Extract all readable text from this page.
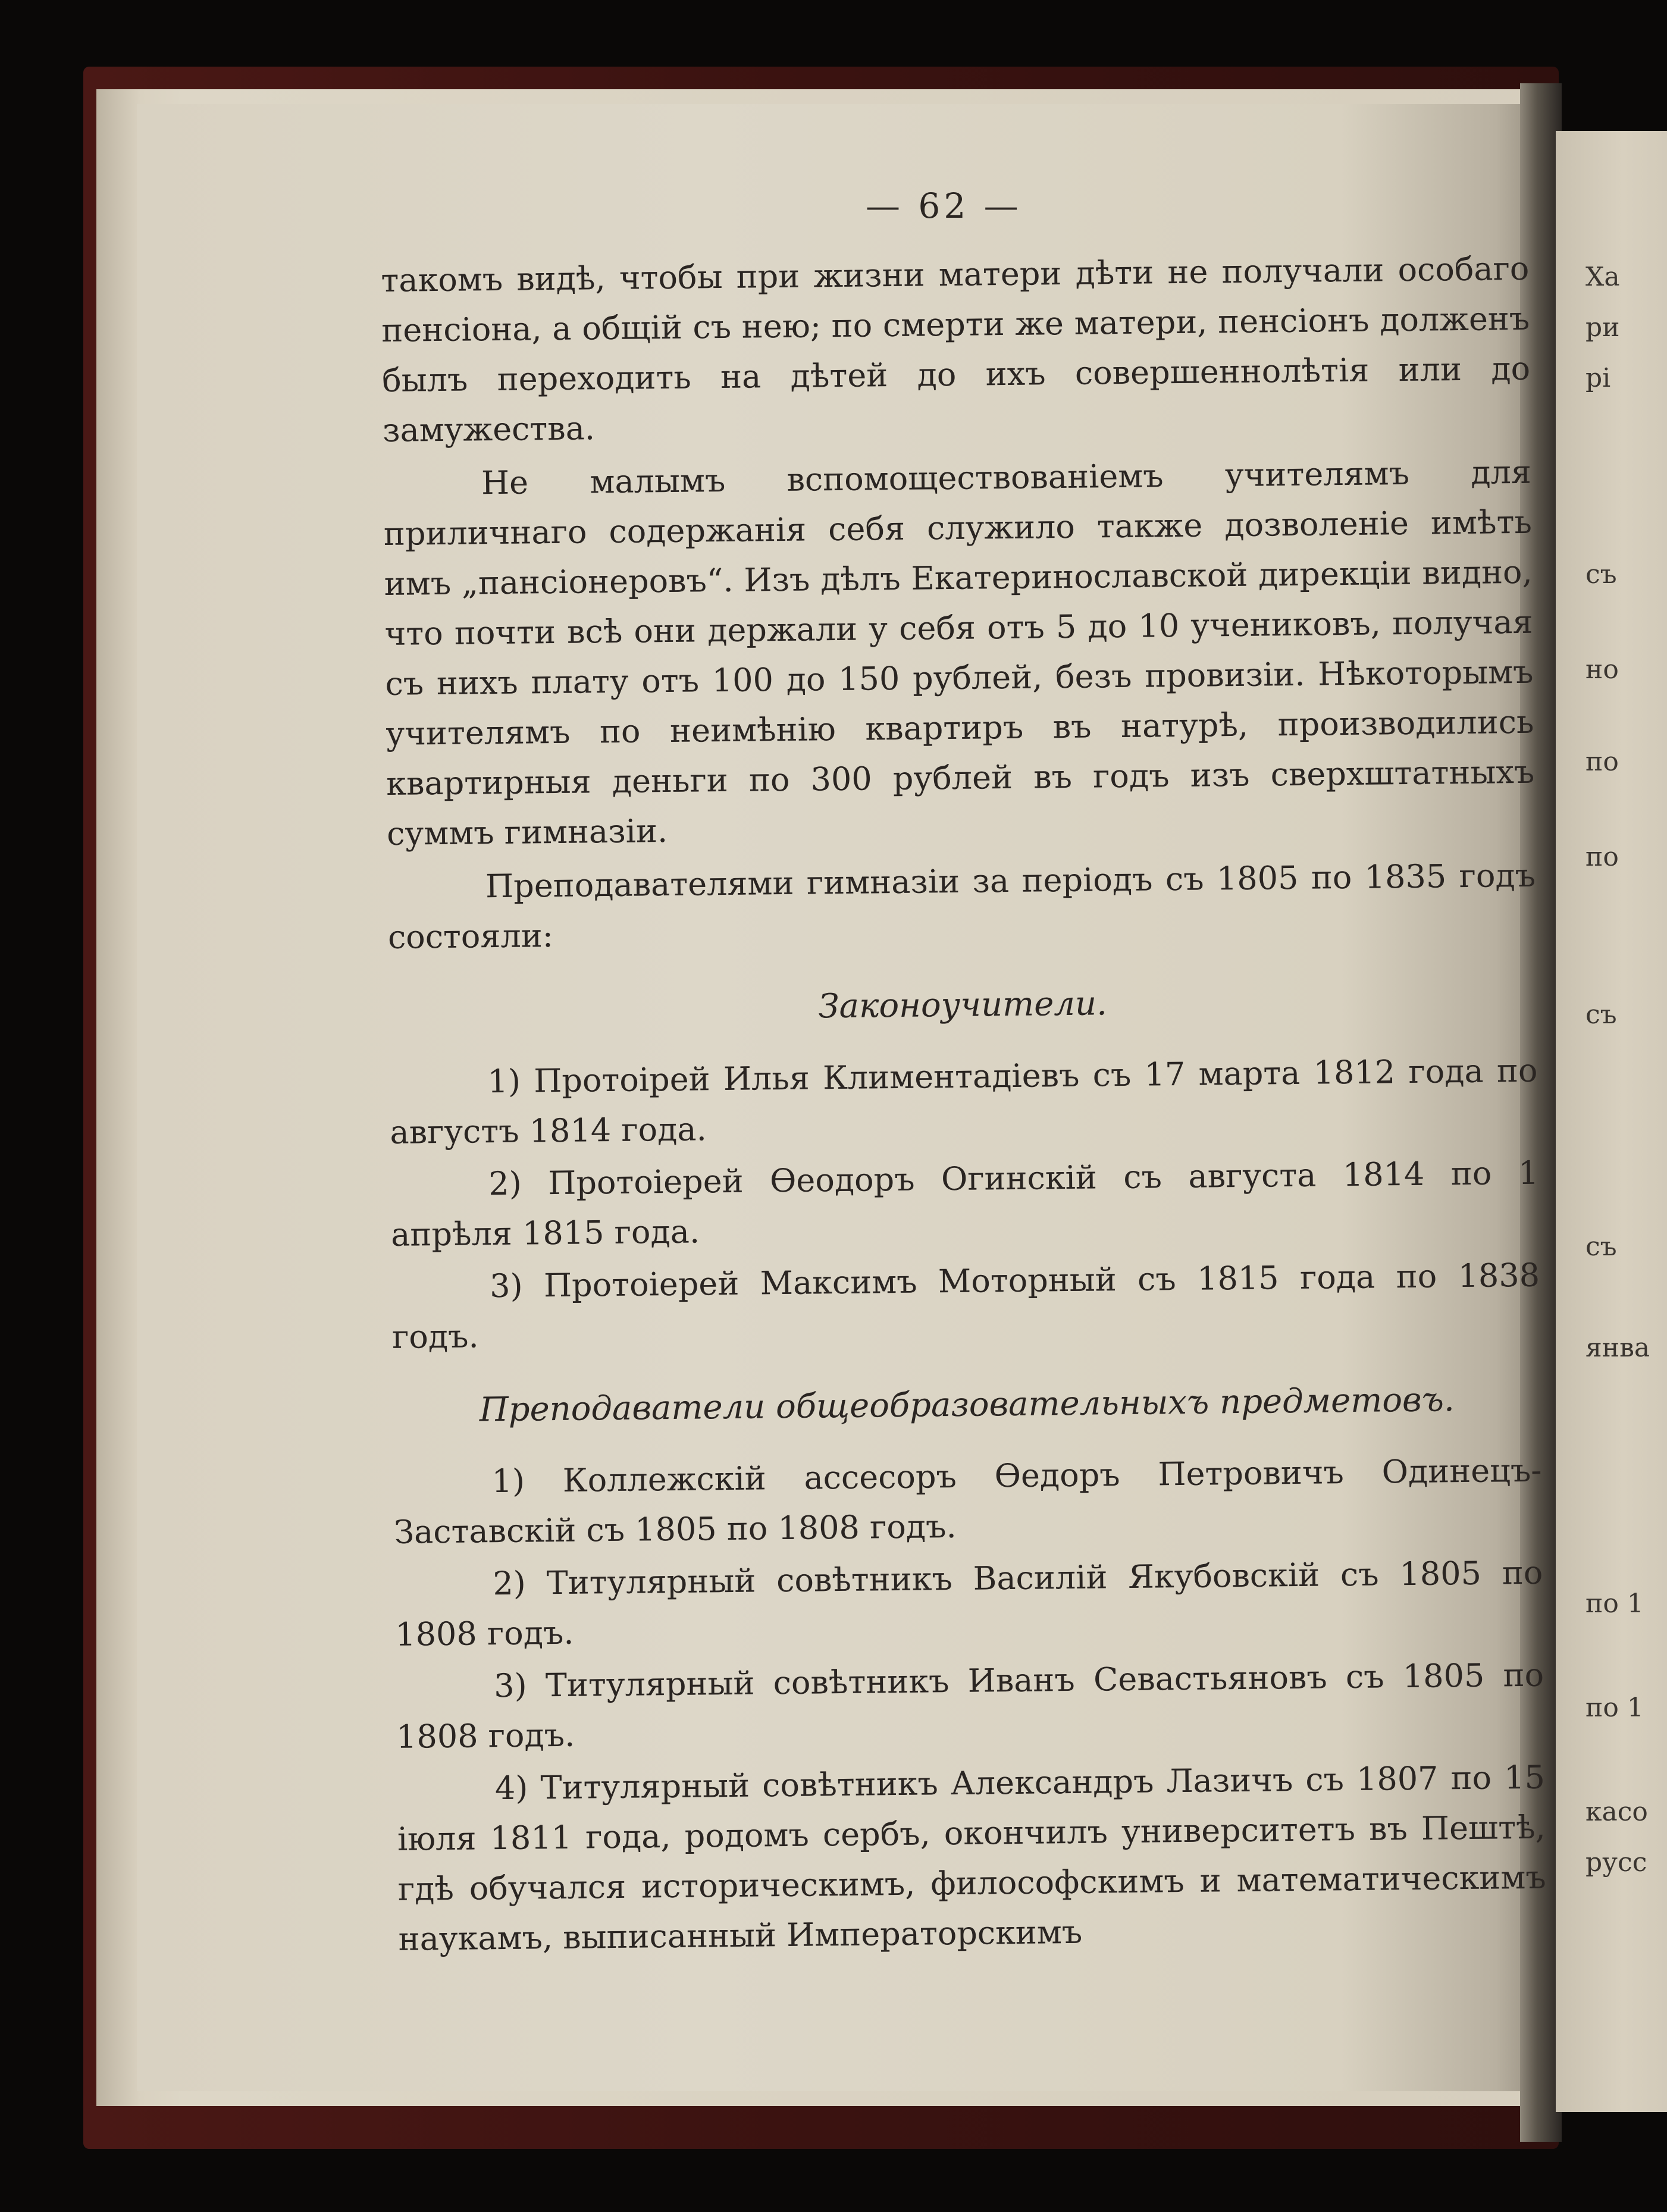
Ха
ри
рі
съ
но
по
по
съ
съ
янва
по 1
по 1
касо
русс
— 62 —

такомъ видѣ, чтобы при жизни матери дѣти не получали особаго пенсіона, а общій съ нею; по смерти же матери, пенсіонъ долженъ былъ переходить на дѣтей до ихъ совершеннолѣтія или до замужества.

Не малымъ вспомоществованіемъ учителямъ для приличнаго содержанія себя служило также дозволеніе имѣть имъ „пансіонеровъ“. Изъ дѣлъ Екатеринославской дирекціи видно, что почти всѣ они держали у себя отъ 5 до 10 учениковъ, получая съ нихъ плату отъ 100 до 150 рублей, безъ провизіи. Нѣкоторымъ учителямъ по неимѣнію квартиръ въ натурѣ, производились квартирныя деньги по 300 рублей въ годъ изъ сверхштатныхъ суммъ гимназіи.

Преподавателями гимназіи за періодъ съ 1805 по 1835 годъ состояли:

Законоучители.

1) Протоірей Илья Климентадіевъ съ 17 марта 1812 года по августъ 1814 года.

2) Протоіерей Ѳеодоръ Огинскій съ августа 1814 по 1 апрѣля 1815 года.

3) Протоіерей Максимъ Моторный съ 1815 года по 1838 годъ.

Преподаватели общеобразовательныхъ предметовъ.

1) Коллежскій ассесоръ Ѳедоръ Петровичъ Одинецъ-Заставскій съ 1805 по 1808 годъ.

2) Титулярный совѣтникъ Василій Якубовскій съ 1805 по 1808 годъ.

3) Титулярный совѣтникъ Иванъ Севастьяновъ съ 1805 по 1808 годъ.

4) Титулярный совѣтникъ Александръ Лазичъ съ 1807 по 15 іюля 1811 года, родомъ сербъ, окончилъ университетъ въ Пештѣ, гдѣ обучался историческимъ, философскимъ и математическимъ наукамъ, выписанный Императорскимъ
